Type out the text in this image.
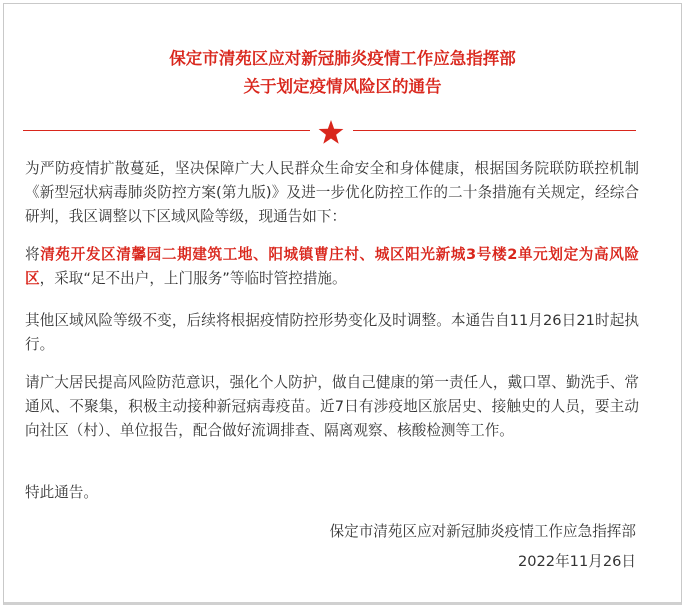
保定市清苑区应对新冠肺炎疫情工作应急指挥部
关于划定疫情风险区的通告

为严防疫情扩散蔓延，坚决保障广大人民群众生命安全和身体健康，根据国务院联防联控机制《新型冠状病毒肺炎防控方案(第九版)》及进一步优化防控工作的二十条措施有关规定，经综合研判，我区调整以下区域风险等级，现通告如下：

将清苑开发区清馨园二期建筑工地、阳城镇曹庄村、城区阳光新城3号楼2单元划定为高风险区，采取“足不出户，上门服务”等临时管控措施。

其他区域风险等级不变，后续将根据疫情防控形势变化及时调整。本通告自11月26日21时起执行。

请广大居民提高风险防范意识，强化个人防护，做自己健康的第一责任人，戴口罩、勤洗手、常通风、不聚集，积极主动接种新冠病毒疫苗。近7日有涉疫地区旅居史、接触史的人员，要主动向社区（村）、单位报告，配合做好流调排查、隔离观察、核酸检测等工作。

特此通告。

保定市清苑区应对新冠肺炎疫情工作应急指挥部
2022年11月26日
